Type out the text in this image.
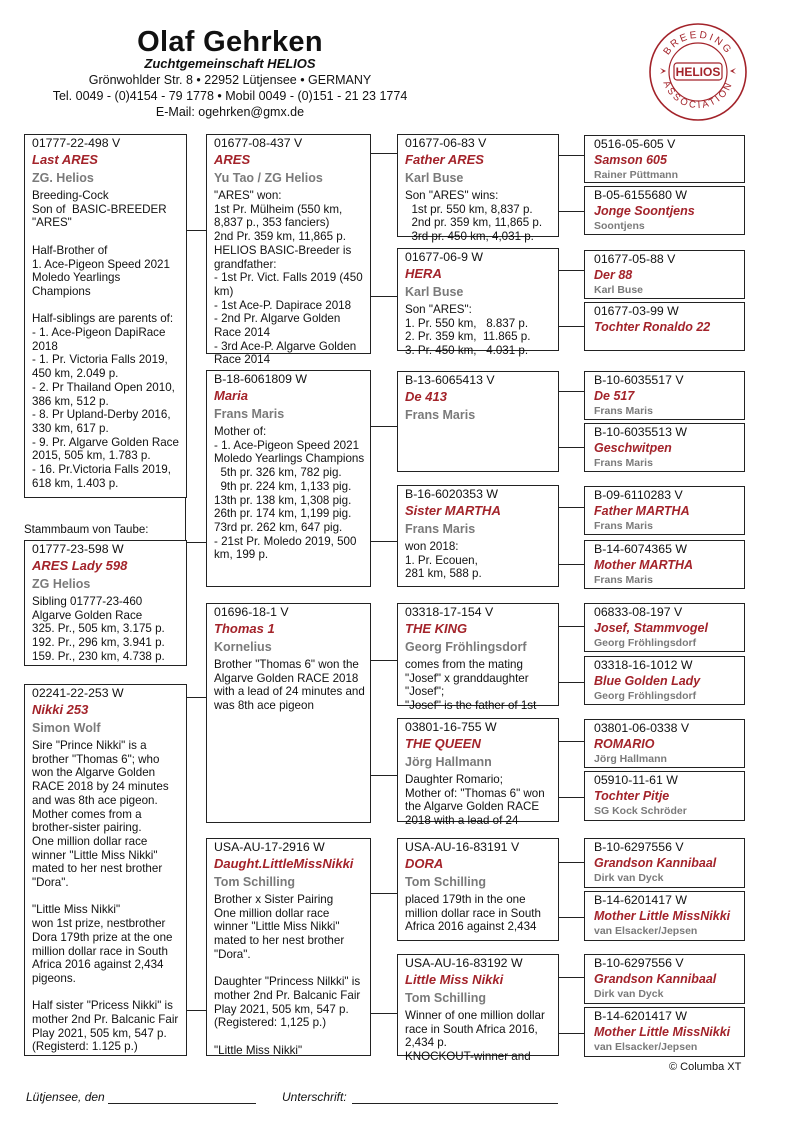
Olaf Gehrken
Zuchtgemeinschaft HELIOS
Grönwohlder Str. 8 • 22952 Lütjensee • GERMANY
Tel. 0049 - (0)4154 - 79 1778 • Mobil 0049 - (0)151 - 21 23 1774
E-Mail: ogehrken@gmx.de
BREEDING
ASSOCIATION
HELIOS
01777-22-498 V
Last ARES
ZG. Helios
Breeding-Cock
Son of  BASIC-BREEDER "ARES"

Half-Brother of
1. Ace-Pigeon Speed 2021 Moledo Yearlings Champions

Half-siblings are parents of:
- 1. Ace-Pigeon DapiRace 2018
- 1. Pr. Victoria Falls 2019, 450 km, 2.049 p.
- 2. Pr Thailand Open 2010, 386 km, 512 p.
- 8. Pr Upland-Derby 2016, 330 km, 617 p.
- 9. Pr. Algarve Golden Race 2015, 505 km, 1.783 p.
- 16. Pr.Victoria Falls 2019, 618 km, 1.403 p.
Stammbaum von Taube:
01777-23-598 W
ARES Lady 598
ZG Helios
Sibling 01777-23-460
Algarve Golden Race
325. Pr., 505 km, 3.175 p.
192. Pr., 296 km, 3.941 p.
159. Pr., 230 km, 4.738 p.
02241-22-253 W
Nikki 253
Simon Wolf
Sire "Prince Nikki" is a brother "Thomas 6"; who won the Algarve Golden RACE 2018 by 24 minutes and was 8th ace pigeon.
Mother comes from a brother-sister pairing.
One million dollar race winner "Little Miss Nikki" mated to her nest brother "Dora".

"Little Miss Nikki"
won 1st prize, nestbrother Dora 179th prize at the one million dollar race in South Africa 2016 against 2,434 pigeons.

Half sister "Pricess Nikki" is mother 2nd Pr. Balcanic Fair Play 2021, 505 km, 547 p. (Registerd: 1.125 p.)
01677-08-437 V
ARES
Yu Tao / ZG Helios
"ARES" won:
1st Pr. Mülheim (550 km, 8,837 p., 353 fanciers)
2nd Pr. 359 km, 11,865 p.
HELIOS BASIC-Breeder is grandfather:
- 1st Pr. Vict. Falls 2019 (450 km)
- 1st Ace-P. Dapirace 2018
- 2nd Pr. Algarve Golden Race 2014
- 3rd Ace-P. Algarve Golden Race 2014
B-18-6061809 W
Maria
Frans Maris
Mother of:
- 1. Ace-Pigeon Speed 2021 Moledo Yearlings Champions
5th pr. 326 km, 782 pig.
9th pr. 224 km, 1,133 pig.
13th pr. 138 km, 1,308 pig.
26th pr. 174 km, 1,199 pig.
73rd pr. 262 km, 647 pig.
- 21st Pr. Moledo 2019, 500 km, 199 p.
01696-18-1 V
Thomas 1
Kornelius
Brother "Thomas 6" won the Algarve Golden RACE 2018 with a lead of 24 minutes and was 8th ace pigeon
USA-AU-17-2916 W
Daught.LittleMissNikki
Tom Schilling
Brother x Sister Pairing
One million dollar race winner "Little Miss Nikki" mated to her nest brother "Dora".

Daughter "Princess Nilkki" is mother 2nd Pr. Balcanic Fair Play 2021, 505 km, 547 p. (Registered: 1,125 p.)

"Little Miss Nikki"
01677-06-83 V
Father ARES
Karl Buse
Son "ARES" wins:
1st pr. 550 km, 8,837 p.
2nd pr. 359 km, 11,865 p.
3rd pr. 450 km, 4,031 p.
01677-06-9 W
HERA
Karl Buse
Son "ARES":
1. Pr. 550 km,   8.837 p.
2. Pr. 359 km,  11.865 p.
3. Pr. 450 km,   4.031 p.
B-13-6065413 V
De 413
Frans Maris
B-16-6020353 W
Sister MARTHA
Frans Maris
won 2018:
1. Pr. Ecouen,
281 km, 588 p.
03318-17-154 V
THE KING
Georg Fröhlingsdorf
comes from the mating "Josef" x granddaughter "Josef";
"Josef" is the father of 1st
03801-16-755 W
THE QUEEN
Jörg Hallmann
Daughter Romario;
Mother of: "Thomas 6" won the Algarve Golden RACE 2018 with a lead of 24
USA-AU-16-83191 V
DORA
Tom Schilling
placed 179th in the one million dollar race in South Africa 2016 against 2,434
USA-AU-16-83192 W
Little Miss Nikki
Tom Schilling
Winner of one million dollar race in South Africa 2016, 2,434 p.
KNOCKOUT-winner and
0516-05-605 V
Samson 605
Rainer Püttmann
B-05-6155680 W
Jonge Soontjens
Soontjens
01677-05-88 V
Der 88
Karl Buse
01677-03-99 W
Tochter Ronaldo 22
B-10-6035517 V
De 517
Frans Maris
B-10-6035513 W
Geschwitpen
Frans Maris
B-09-6110283 V
Father MARTHA
Frans Maris
B-14-6074365 W
Mother MARTHA
Frans Maris
06833-08-197 V
Josef, Stammvogel
Georg Fröhlingsdorf
03318-16-1012 W
Blue Golden Lady
Georg Fröhlingsdorf
03801-06-0338 V
ROMARIO
Jörg Hallmann
05910-11-61 W
Tochter Pitje
SG Kock Schröder
B-10-6297556 V
Grandson Kannibaal
Dirk van Dyck
B-14-6201417 W
Mother Little MissNikki
van Elsacker/Jepsen
B-10-6297556 V
Grandson Kannibaal
Dirk van Dyck
B-14-6201417 W
Mother Little MissNikki
van Elsacker/Jepsen
© Columba XT
Lütjensee, den	Unterschrift:
